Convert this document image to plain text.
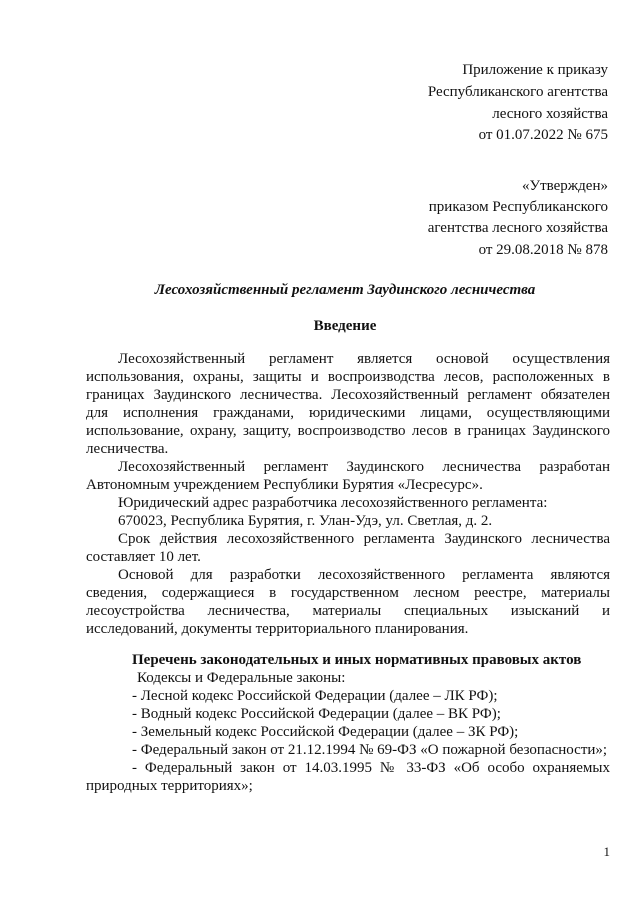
Приложение к приказу
Республиканского агентства
лесного хозяйства
от 01.07.2022 № 675
«Утвержден»
приказом Республиканского
агентства лесного хозяйства
от 29.08.2018 № 878
Лесохозяйственный регламент Заудинского лесничества
Введение
Лесохозяйственный регламент является основой осуществления
использования, охраны, защиты и воспроизводства лесов, расположенных в
границах Заудинского лесничества. Лесохозяйственный регламент обязателен
для исполнения гражданами, юридическими лицами, осуществляющими
использование, охрану, защиту, воспроизводство лесов в границах Заудинского
лесничества.
Лесохозяйственный регламент Заудинского лесничества разработан
Автономным учреждением Республики Бурятия «Лесресурс».
Юридический адрес разработчика лесохозяйственного регламента:
670023, Республика Бурятия, г. Улан-Удэ, ул. Светлая, д. 2.
Срок действия лесохозяйственного регламента Заудинского лесничества
составляет 10 лет.
Основой для разработки лесохозяйственного регламента являются
сведения, содержащиеся в государственном лесном реестре, материалы
лесоустройства лесничества, материалы специальных изысканий и
исследований, документы территориального планирования.
Перечень законодательных и иных нормативных правовых актов
Кодексы и Федеральные законы:
- Лесной кодекс Российской Федерации (далее – ЛК РФ);
- Водный кодекс Российской Федерации (далее – ВК РФ);
- Земельный кодекс Российской Федерации (далее – ЗК РФ);
- Федеральный закон от 21.12.1994 № 69-ФЗ «О пожарной безопасности»;
- Федеральный закон от 14.03.1995 № 33-ФЗ «Об особо охраняемых
природных территориях»;
1
